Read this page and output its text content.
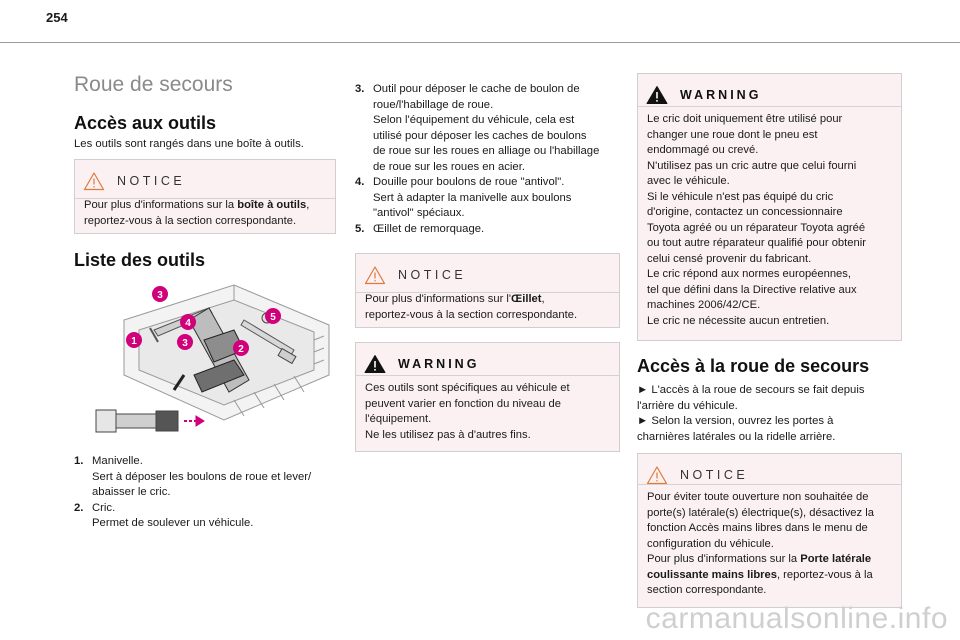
254
Roue de secours
Accès aux outils

Les outils sont rangés dans une boîte à outils.

NOTICE
Pour plus d'informations sur la boîte à outils,
reportez-vous à la section correspondante.
Liste des outils
3
4
5
1	3
2
1. Manivelle.
Sert à déposer les boulons de roue et lever/
abaisser le cric.
2. Cric.
Permet de soulever un véhicule.
3. Outil pour déposer le cache de boulon de
roue/l'habillage de roue.
Selon l'équipement du véhicule, cela est
utilisé pour déposer les caches de boulons
de roue sur les roues en alliage ou l'habillage
de roue sur les roues en acier.
4. Douille pour boulons de roue "antivol".
Sert à adapter la manivelle aux boulons
"antivol" spéciaux.
5. Œillet de remorquage.
NOTICE
Pour plus d'informations sur l'Œillet,
reportez-vous à la section correspondante.
WARNING
Ces outils sont spécifiques au véhicule et
peuvent varier en fonction du niveau de
l'équipement.
Ne les utilisez pas à d'autres fins.
WARNING
Le cric doit uniquement être utilisé pour
changer une roue dont le pneu est
endommagé ou crevé.
N'utilisez pas un cric autre que celui fourni
avec le véhicule.
Si le véhicule n'est pas équipé du cric
d'origine, contactez un concessionnaire
Toyota agréé ou un réparateur Toyota agréé
ou tout autre réparateur qualifié pour obtenir
celui censé provenir du fabricant.
Le cric répond aux normes européennes,
tel que défini dans la Directive relative aux
machines 2006/42/CE.
Le cric ne nécessite aucun entretien.
Accès à la roue de secours
► L'accès à la roue de secours se fait depuis
l'arrière du véhicule.
► Selon la version, ouvrez les portes à
charnières latérales ou la ridelle arrière.
NOTICE
Pour éviter toute ouverture non souhaitée de
porte(s) latérale(s) électrique(s), désactivez la
fonction Accès mains libres dans le menu de
configuration du véhicule.
Pour plus d'informations sur la Porte latérale
coulissante mains libres, reportez-vous à la
section correspondante.
carmanualsonline.info
